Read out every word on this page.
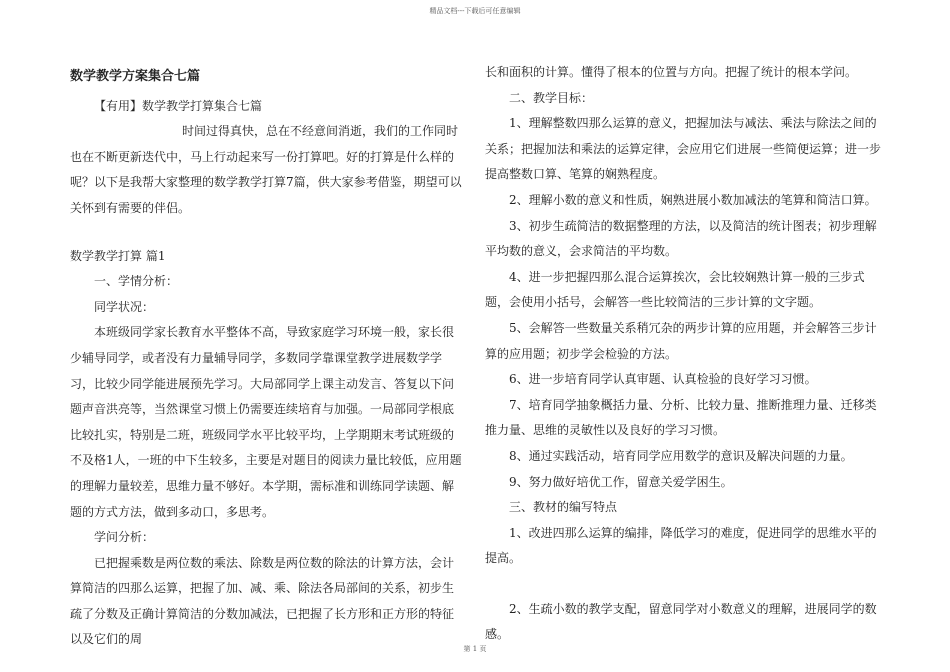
精品文档---下载后可任意编辑

数学教学方案集合七篇

【有用】数学教学打算集合七篇

时间过得真快，总在不经意间消逝，我们的工作同时也在不断更新迭代中，马上行动起来写一份打算吧。好的打算是什么样的呢？以下是我帮大家整理的数学教学打算7篇，供大家参考借鉴，期望可以关怀到有需要的伴侣。

数学教学打算 篇1

一、学情分析：

同学状况：

本班级同学家长教育水平整体不高，导致家庭学习环境一般，家长很少辅导同学，或者没有力量辅导同学，多数同学靠课堂教学进展数学学习，比较少同学能进展预先学习。大局部同学上课主动发言、答复以下问题声音洪亮等，当然课堂习惯上仍需要连续培育与加强。一局部同学根底比较扎实，特别是二班，班级同学水平比较平均，上学期期末考试班级的不及格1人，一班的中下生较多，主要是对题目的阅读力量比较低，应用题的理解力量较差，思维力量不够好。本学期，需标准和训练同学读题、解题的方式方法，做到多动口，多思考。

学问分析：

已把握乘数是两位数的乘法、除数是两位数的除法的计算方法，会计算简洁的四那么运算，把握了加、减、乘、除法各局部间的关系，初步生疏了分数及正确计算简洁的分数加减法，已把握了长方形和正方形的特征以及它们的周

长和面积的计算。懂得了根本的位置与方向。把握了统计的根本学问。

二、教学目标：

1、理解整数四那么运算的意义，把握加法与减法、乘法与除法之间的关系；把握加法和乘法的运算定律，会应用它们进展一些简便运算；进一步提高整数口算、笔算的娴熟程度。

2、理解小数的意义和性质，娴熟进展小数加减法的笔算和简洁口算。

3、初步生疏简洁的数据整理的方法，以及简洁的统计图表；初步理解平均数的意义，会求简洁的平均数。

4、进一步把握四那么混合运算挨次，会比较娴熟计算一般的三步式题，会使用小括号，会解答一些比较简洁的三步计算的文字题。

5、会解答一些数量关系稍冗杂的两步计算的应用题，并会解答三步计算的应用题；初步学会检验的方法。

6、进一步培育同学认真审题、认真检验的良好学习习惯。

7、培育同学抽象概括力量、分析、比较力量、推断推理力量、迁移类推力量、思维的灵敏性以及良好的学习习惯。

8、通过实践活动，培育同学应用数学的意识及解决问题的力量。

9、努力做好培优工作，留意关爱学困生。

三、教材的编写特点

1、改进四那么运算的编排，降低学习的难度，促进同学的思维水平的提高。

2、生疏小数的教学支配，留意同学对小数意义的理解，进展同学的数感。

第 1 页
